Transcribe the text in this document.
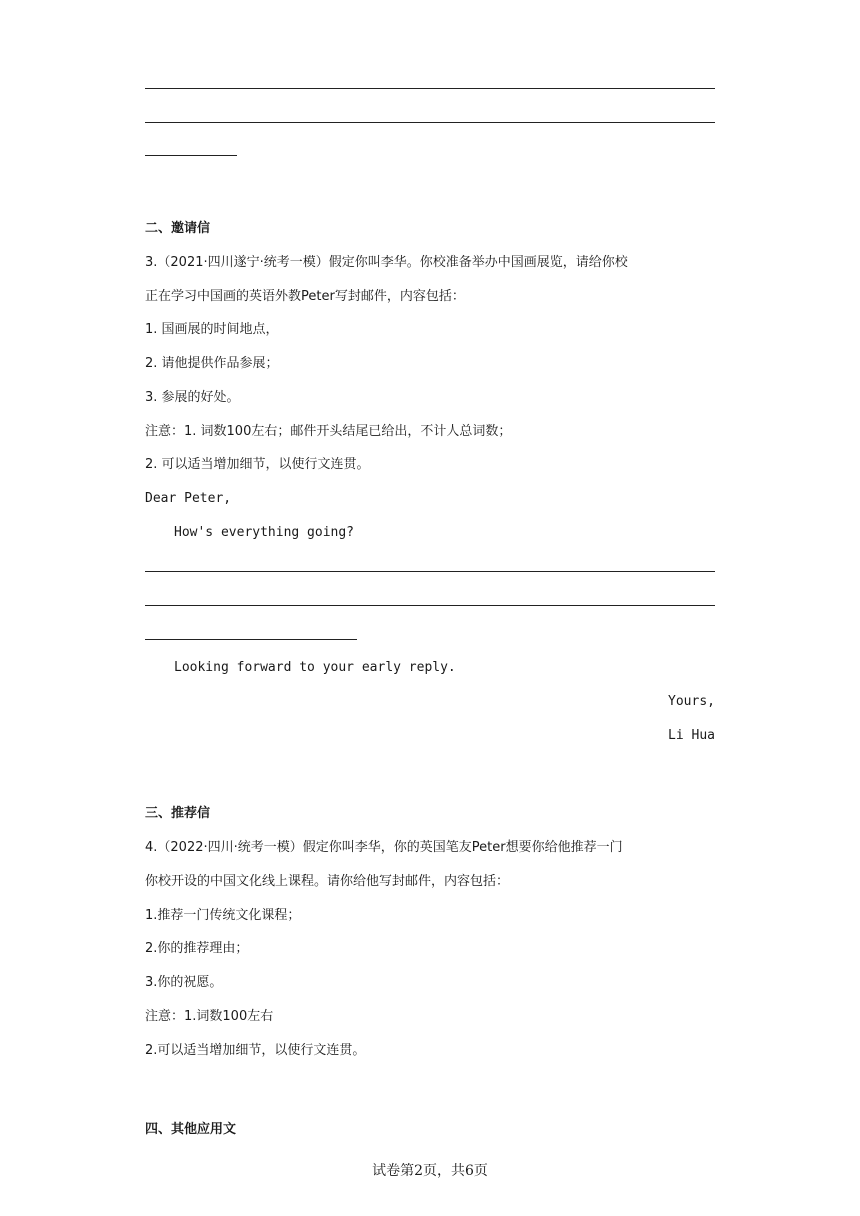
二、邀请信
3.（2021·四川遂宁·统考一模）假定你叫李华。你校准备举办中国画展览，请给你校
正在学习中国画的英语外教Peter写封邮件，内容包括：
1. 国画展的时间地点，
2. 请他提供作品参展；
3. 参展的好处。
注意：1. 词数100左右；邮件开头结尾已给出，不计人总词数；
2. 可以适当增加细节，以使行文连贯。
Dear Peter,
How's everything going?
Looking forward to your early reply.
Yours,
Li Hua
三、推荐信
4.（2022·四川·统考一模）假定你叫李华，你的英国笔友Peter想要你给他推荐一门
你校开设的中国文化线上课程。请你给他写封邮件，内容包括：
1.推荐一门传统文化课程；
2.你的推荐理由；
3.你的祝愿。
注意：1.词数100左右
2.可以适当增加细节，以使行文连贯。
四、其他应用文
试卷第2页，共6页
